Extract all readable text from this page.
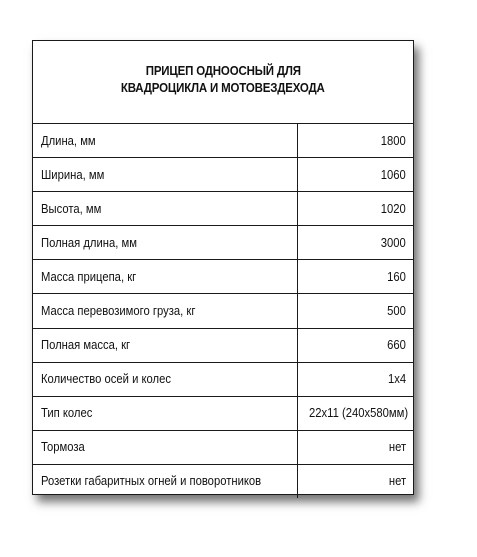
ПРИЦЕП ОДНООСНЫЙ ДЛЯ
КВАДРОЦИКЛА И МОТОВЕЗДЕХОДА
Длина, мм	1800
Ширина, мм	1060
Высота, мм	1020
Полная длина, мм	3000
Масса прицепа, кг	160
Масса перевозимого груза, кг	500
Полная масса, кг	660
Количество осей и колес	1x4
Тип колес	22x11 (240x580мм)
Тормоза	нет
Розетки габаритных огней и поворотников	нет
